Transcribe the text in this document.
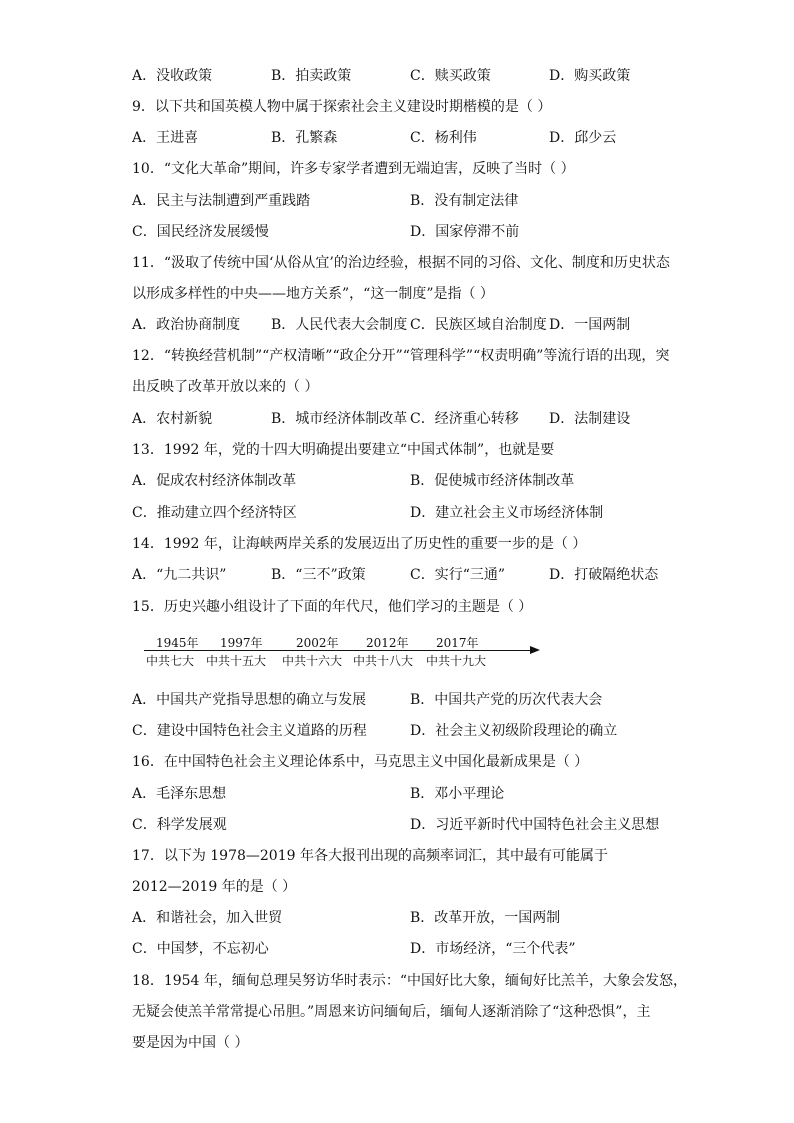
A．没收政策	B．拍卖政策	C．赎买政策	D．购买政策
9．以下共和国英模人物中属于探索社会主义建设时期楷模的是（ ）
A．王进喜	B．孔繁森	C．杨利伟	D．邱少云
10．“文化大革命”期间，许多专家学者遭到无端迫害，反映了当时（ ）
A．民主与法制遭到严重践踏	B．没有制定法律
C．国民经济发展缓慢	D．国家停滞不前
11．“汲取了传统中国‘从俗从宜’的治边经验，根据不同的习俗、文化、制度和历史状态
以形成多样性的中央——地方关系”，“这一制度”是指（ ）
A．政治协商制度 B．人民代表大会制度 C．民族区域自治制度 D．一国两制
12．“转换经营机制”“产权清晰”“政企分开”“管理科学”“权责明确”等流行语的出现，突
出反映了改革开放以来的（ ）
A．农村新貌	B．城市经济体制改革 C．经济重心转移 D．法制建设
13．1992 年，党的十四大明确提出要建立“中国式体制”，也就是要
A．促成农村经济体制改革	B．促使城市经济体制改革
C．推动建立四个经济特区	D．建立社会主义市场经济体制
14．1992 年，让海峡两岸关系的发展迈出了历史性的重要一步的是（ ）
A．“九二共识”	B．“三不”政策	C．实行“三通”	D．打破隔绝状态
15．历史兴趣小组设计了下面的年代尺，他们学习的主题是（ ）
1945年 1997年	2002年 2012年 2017年
中共七大 中共十五大 中共十六大 中共十八大 中共十九大
A．中国共产党指导思想的确立与发展	B．中国共产党的历次代表大会
C．建设中国特色社会主义道路的历程	D．社会主义初级阶段理论的确立
16．在中国特色社会主义理论体系中，马克思主义中国化最新成果是（ ）
A．毛泽东思想	B．邓小平理论
C．科学发展观	D．习近平新时代中国特色社会主义思想
17．以下为 1978—2019 年各大报刊出现的高频率词汇，其中最有可能属于
2012—2019 年的是（ ）
A．和谐社会，加入世贸	B．改革开放，一国两制
C．中国梦，不忘初心	D．市场经济，“三个代表”
18．1954 年，缅甸总理吴努访华时表示：“中国好比大象，缅甸好比羔羊，大象会发怒，
无疑会使羔羊常常提心吊胆。”周恩来访问缅甸后，缅甸人逐渐消除了“这种恐惧”，主
要是因为中国（ ）
